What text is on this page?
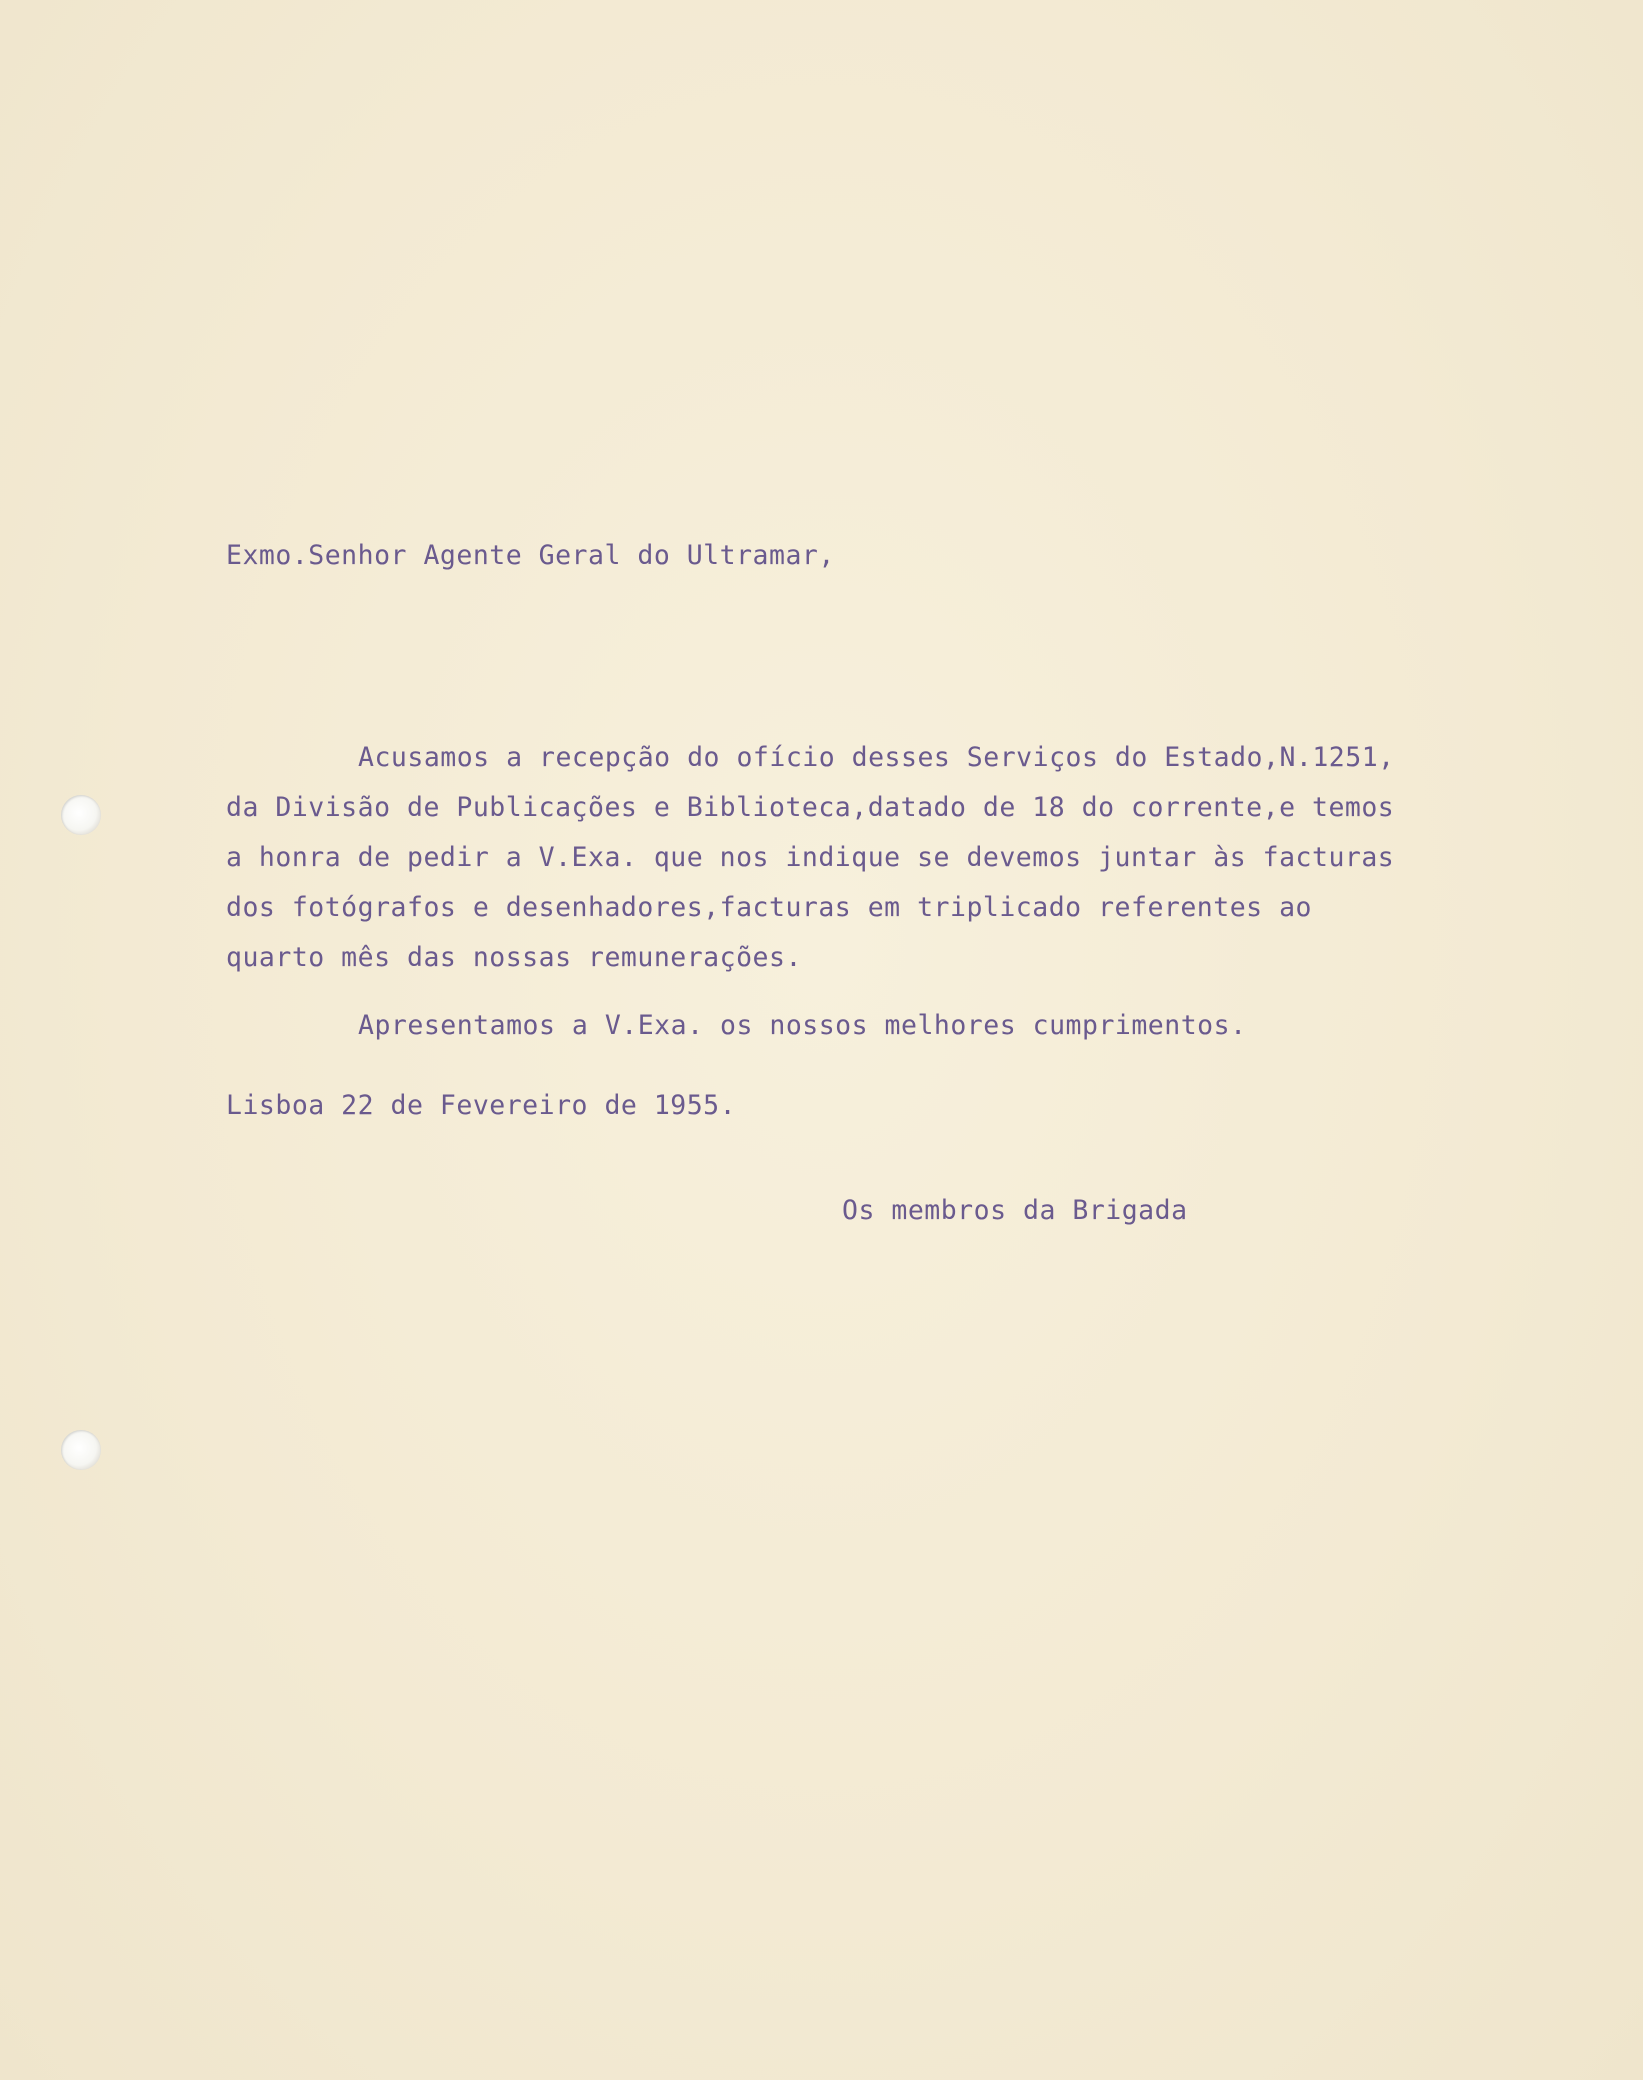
Exmo.Senhor Agente Geral do Ultramar,

Acusamos a recepção do ofício desses Serviços do Estado,N.1251,

da Divisão de Publicações e Biblioteca,datado de 18 do corrente,e temos

a honra de pedir a V.Exa. que nos indique se devemos juntar às facturas

dos fotógrafos e desenhadores,facturas em triplicado referentes ao

quarto mês das nossas remunerações.

Apresentamos a V.Exa. os nossos melhores cumprimentos.

Lisboa 22 de Fevereiro de 1955.

Os membros da Brigada
